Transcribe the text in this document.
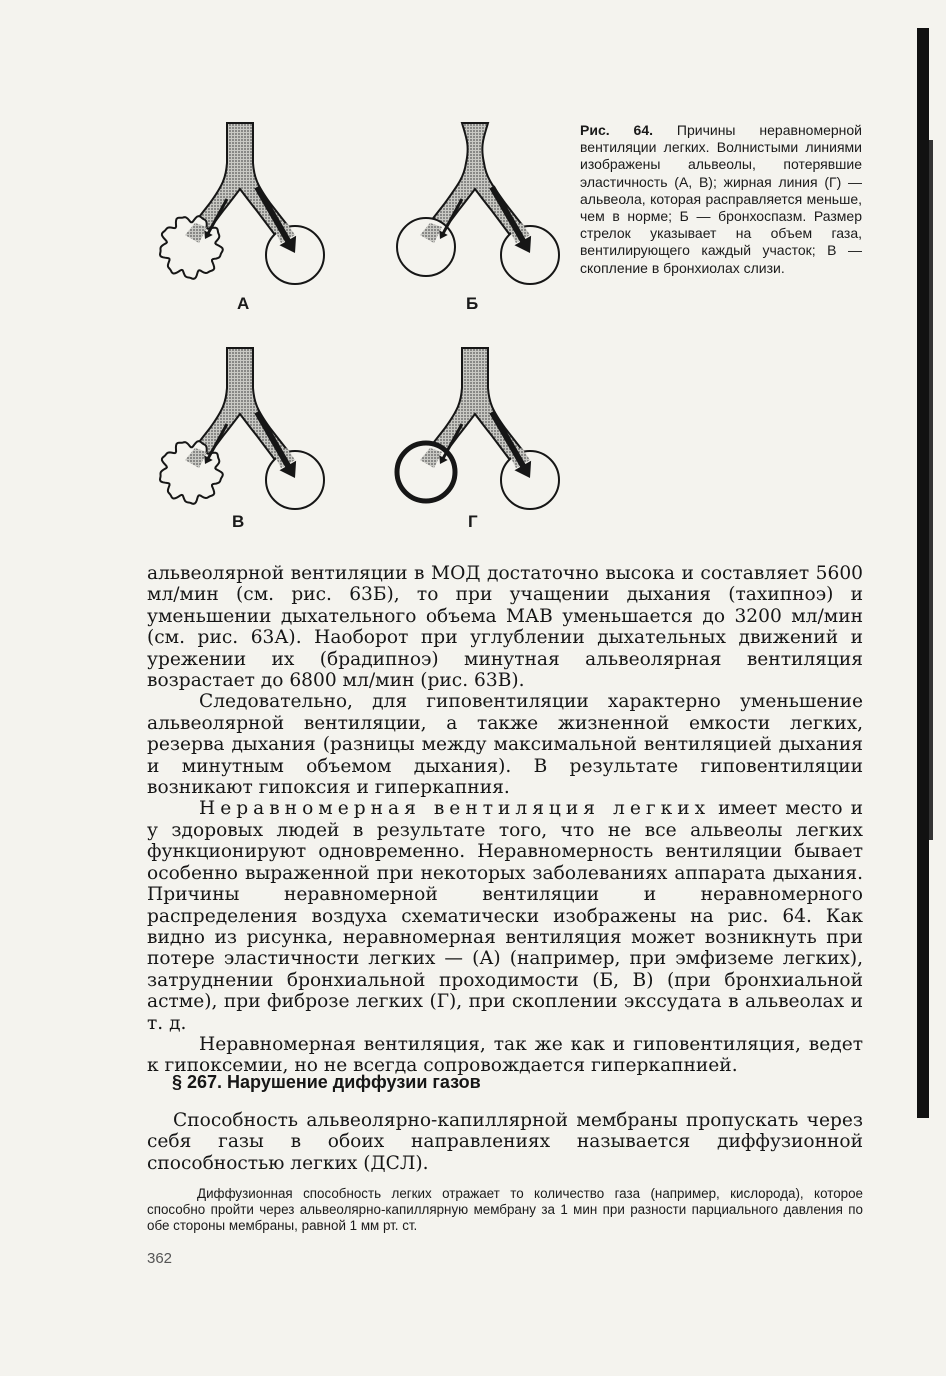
А	Б
В	Г
Рис. 64. Причины неравномерной вентиляции легких. Волнистыми линиями изображены альвеолы, потерявшие эластичность (А, В); жирная линия (Г) — альвеола, которая расправляется меньше, чем в норме; Б — бронхоспазм. Размер стрелок указывает на объем газа, вентилирующего каждый участок; В — скопление в бронхиолах слизи.

альвеолярной вентиляции в МОД достаточно высока и составляет 5600 мл/мин (см. рис. 63Б), то при учащении дыхания (тахипноэ) и уменьшении дыхательного объема МАВ уменьшается до 3200 мл/мин (см. рис. 63А). Наоборот при углублении дыхательных движений и урежении их (брадипноэ) минутная альвеолярная вентиляция возрастает до 6800 мл/мин (рис. 63В).

Следовательно, для гиповентиляции характерно уменьшение альвеолярной вентиляции, а также жизненной емкости легких, резерва дыхания (разницы между максимальной вентиляцией дыхания и минутным объемом дыхания). В результате гиповентиляции возникают гипоксия и гиперкапния.

Неравномерная вентиляция легких имеет место и у здоровых людей в результате того, что не все альвеолы легких функционируют одновременно. Неравномерность вентиляции бывает особенно выраженной при некоторых заболеваниях аппарата дыхания. Причины неравномерной вентиляции и неравномерного распределения воздуха схематически изображены на рис. 64. Как видно из рисунка, неравномерная вентиляция может возникнуть при потере эластичности легких — (А) (например, при эмфиземе легких), затруднении бронхиальной проходимости (Б, В) (при бронхиальной астме), при фиброзе легких (Г), при скоплении экссудата в альвеолах и т. д.

Неравномерная вентиляция, так же как и гиповентиляция, ведет к гипоксемии, но не всегда сопровождается гиперкапнией.

§ 267. Нарушение диффузии газов
Способность альвеолярно-капиллярной мембраны пропускать через себя газы в обоих направлениях называется диффузионной способностью легких (ДСЛ).
Диффузионная способность легких отражает то количество газа (например, кислорода), которое способно пройти через альвеолярно-капиллярную мембрану за 1 мин при разности парциального давления по обе стороны мембраны, равной 1 мм рт. ст.
362
